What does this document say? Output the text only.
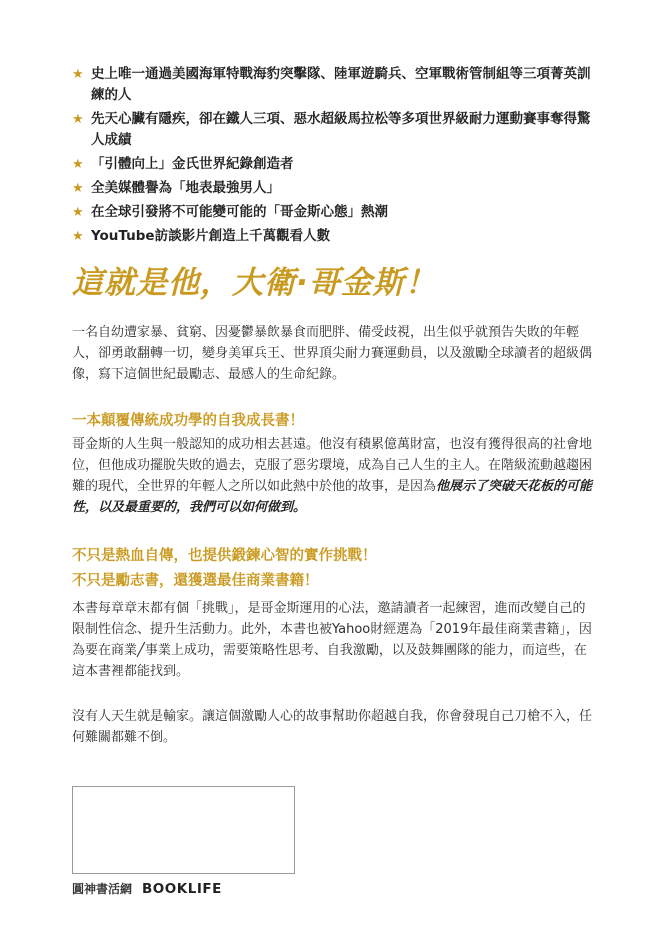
★ 史上唯一通過美國海軍特戰海豹突擊隊、陸軍遊騎兵、空軍戰術管制組等三項菁英訓練的人
★ 先天心臟有隱疾，卻在鐵人三項、惡水超級馬拉松等多項世界級耐力運動賽事奪得驚人成績
★ 「引體向上」金氏世界紀錄創造者
★ 全美媒體譽為「地表最強男人」
★ 在全球引發將不可能變可能的「哥金斯心態」熱潮
★ YouTube訪談影片創造上千萬觀看人數
這就是他，大衛·哥金斯！

一名自幼遭家暴、貧窮、因憂鬱暴飲暴食而肥胖、備受歧視，出生似乎就預告失敗的年輕人，卻勇敢翻轉一切，變身美軍兵王、世界頂尖耐力賽運動員，以及激勵全球讀者的超級偶像，寫下這個世紀最勵志、最感人的生命紀錄。

一本顛覆傳統成功學的自我成長書！

哥金斯的人生與一般認知的成功相去甚遠。他沒有積累億萬財富，也沒有獲得很高的社會地位，但他成功擺脫失敗的過去，克服了惡劣環境，成為自己人生的主人。在階級流動越趨困難的現代，全世界的年輕人之所以如此熱中於他的故事，是因為他展示了突破天花板的可能性，以及最重要的，我們可以如何做到。

不只是熱血自傳，也提供鍛鍊心智的實作挑戰！
不只是勵志書，還獲選最佳商業書籍！

本書每章章末都有個「挑戰」，是哥金斯運用的心法，邀請讀者一起練習，進而改變自己的限制性信念、提升生活動力。此外，本書也被Yahoo財經選為「2019年最佳商業書籍」，因為要在商業╱事業上成功，需要策略性思考、自我激勵，以及鼓舞團隊的能力，而這些，在這本書裡都能找到。

沒有人天生就是輸家。讓這個激勵人心的故事幫助你超越自我，你會發現自己刀槍不入，任何難關都難不倒。

圓神書活網 BOOKLIFE
